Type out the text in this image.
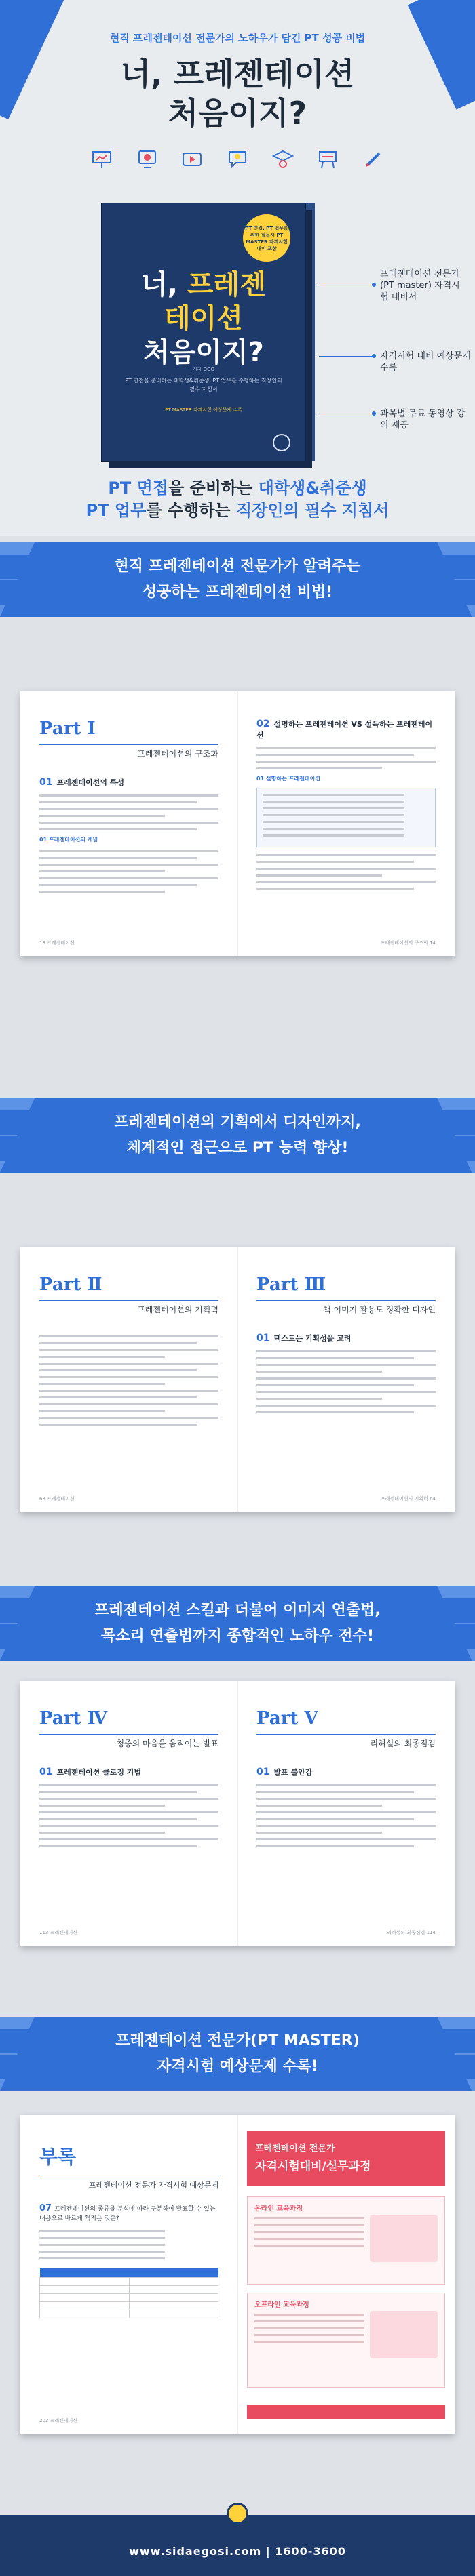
현직 프레젠테이션 전문가의 노하우가 담긴 PT 성공 비법
너, 프레젠테이션
처음이지?
PT 면접, PT 업무를 위한 필독서 PT MASTER 자격시험 대비 포함
너, 프레젠
테이션
처음이지?
저자 OOO
PT 면접을 준비하는 대학생&취준생, PT 업무를 수행하는 직장인의 필수 지침서
PT MASTER 자격시험 예상문제 수록
프레젠테이션 전문가 (PT master) 자격시험 대비서
자격시험 대비 예상문제 수록
과목별 무료 동영상 강의 제공
PT 면접을 준비하는 대학생&취준생
PT 업무를 수행하는 직장인의 필수 지침서
현직 프레젠테이션 전문가가 알려주는
성공하는 프레젠테이션 비법!
Part Ⅰ
프레젠테이션의 구조화
01 프레젠테이션의 특성
01 프레젠테이션의 개념
13 프레젠테이션
02 설명하는 프레젠테이션 VS 설득하는 프레젠테이션
01 설명하는 프레젠테이션
프레젠테이션의 구조화 14
프레젠테이션의 기획에서 디자인까지,
체계적인 접근으로 PT 능력 향상!
Part Ⅱ
프레젠테이션의 기획력
63 프레젠테이션
Part Ⅲ
책 이미지 활용도 정확한 디자인
01 텍스트는 기획성을 고려
프레젠테이션의 기획력 64
프레젠테이션 스킬과 더불어 이미지 연출법,
목소리 연출법까지 종합적인 노하우 전수!
Part Ⅳ
청중의 마음을 움직이는 발표
01 프레젠테이션 클로징 기법
113 프레젠테이션
Part Ⅴ
리허설의 최종점검
01 발표 불안감
리허설의 최종점검 114
프레젠테이션 전문가(PT MASTER)
자격시험 예상문제 수록!
부록
프레젠테이션 전문가 자격시험 예상문제
07 프레젠테이션의 종류를 분석에 따라 구분하여 발표할 수 있는 내용으로 바르게 짝지은 것은?

203 프레젠테이션
프레젠테이션 전문가
자격시험대비/실무과정
온라인 교육과정
오프라인 교육과정
www.sidaegosi.com | 1600-3600
